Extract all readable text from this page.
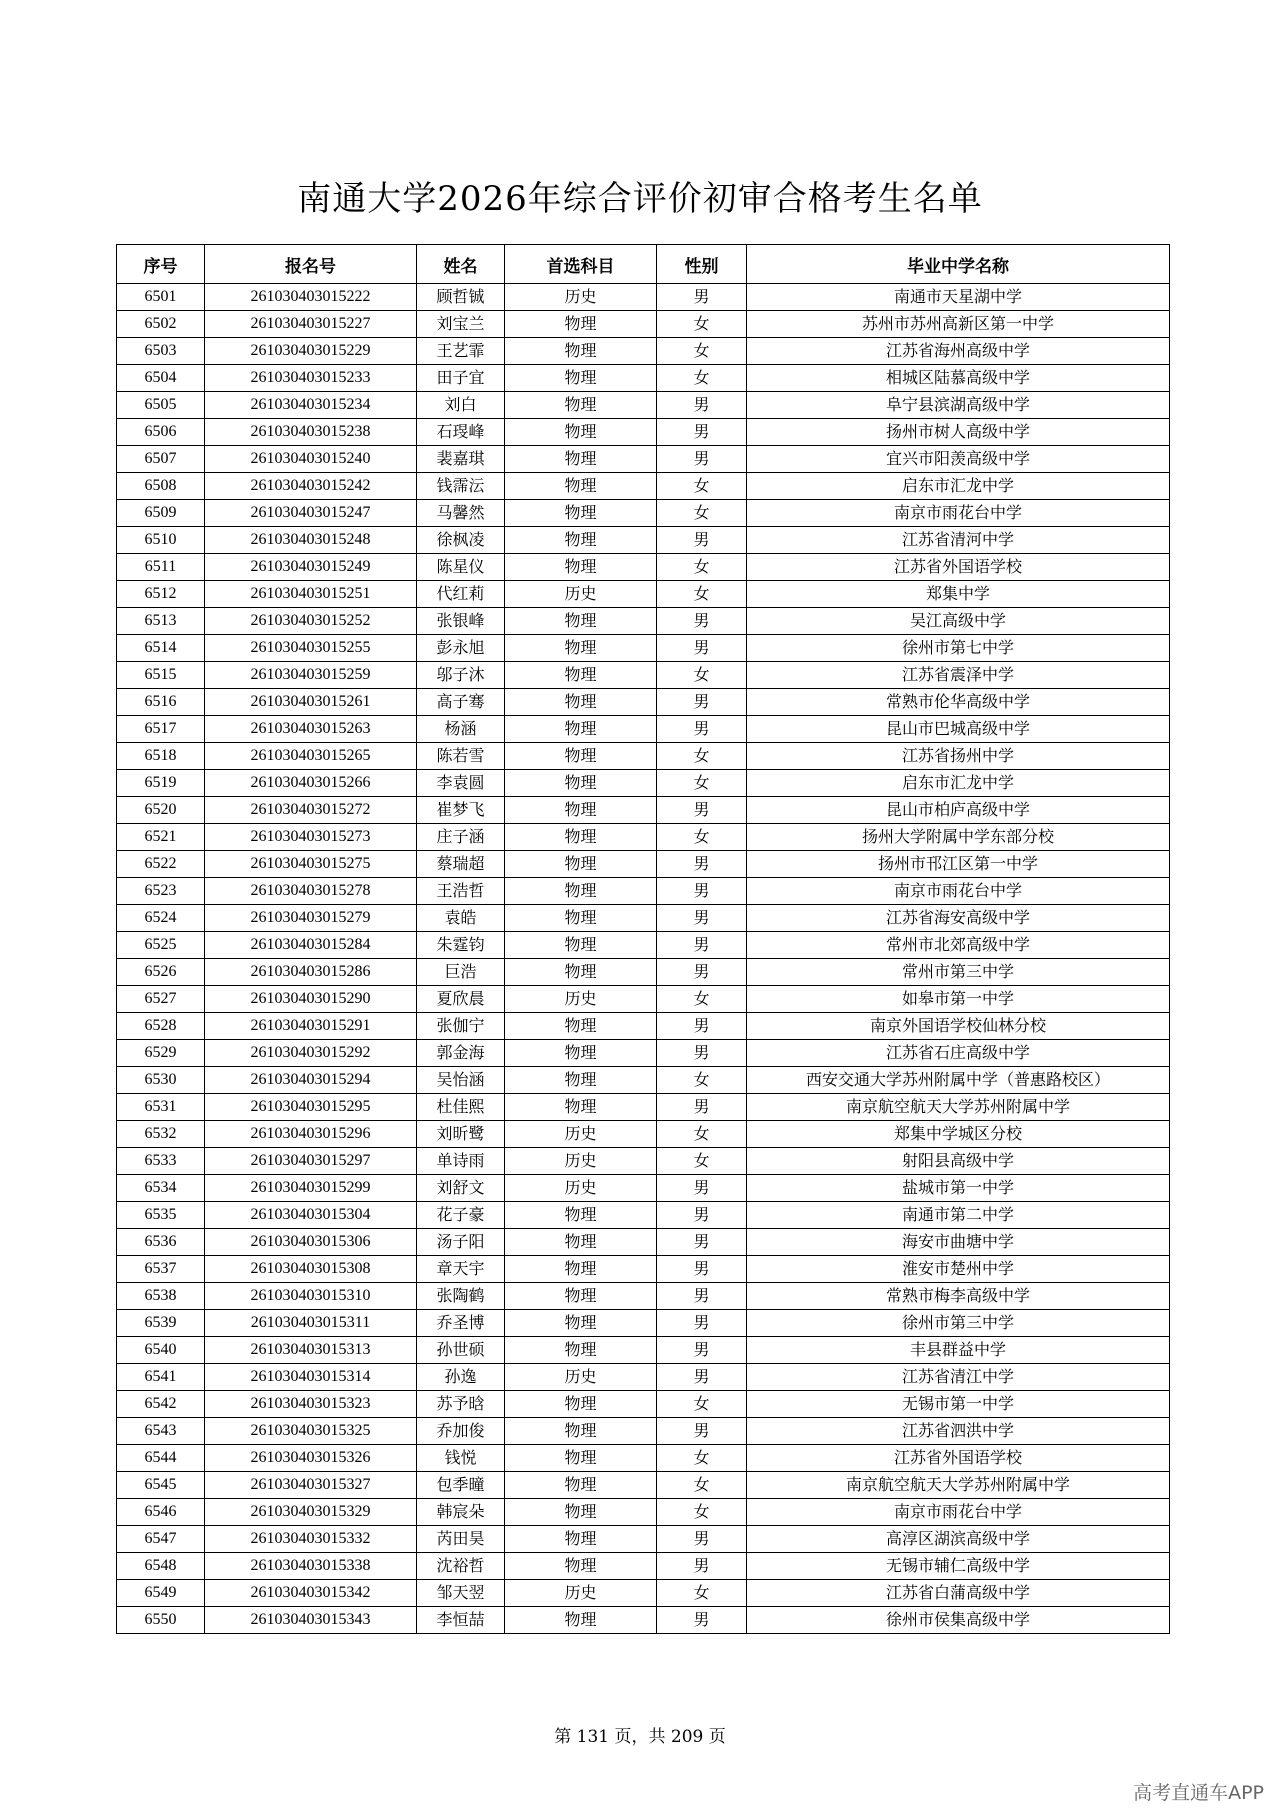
南通大学2026年综合评价初审合格考生名单
序号	报名号	姓名	首选科目	性别	毕业中学名称
6501	261030403015222	顾哲铖	历史	男	南通市天星湖中学
6502	261030403015227	刘宝兰	物理	女	苏州市苏州高新区第一中学
6503	261030403015229	王艺霏	物理	女	江苏省海州高级中学
6504	261030403015233	田子宜	物理	女	相城区陆慕高级中学
6505	261030403015234	刘白	物理	男	阜宁县滨湖高级中学
6506	261030403015238	石琝峰	物理	男	扬州市树人高级中学
6507	261030403015240	裴嘉琪	物理	男	宜兴市阳羡高级中学
6508	261030403015242	钱霈沄	物理	女	启东市汇龙中学
6509	261030403015247	马馨然	物理	女	南京市雨花台中学
6510	261030403015248	徐枫凌	物理	男	江苏省清河中学
6511	261030403015249	陈星仪	物理	女	江苏省外国语学校
6512	261030403015251	代红莉	历史	女	郑集中学
6513	261030403015252	张银峰	物理	男	吴江高级中学
6514	261030403015255	彭永旭	物理	男	徐州市第七中学
6515	261030403015259	邬子沐	物理	女	江苏省震泽中学
6516	261030403015261	高子骞	物理	男	常熟市伦华高级中学
6517	261030403015263	杨涵	物理	男	昆山市巴城高级中学
6518	261030403015265	陈若雪	物理	女	江苏省扬州中学
6519	261030403015266	李袁圆	物理	女	启东市汇龙中学
6520	261030403015272	崔梦飞	物理	男	昆山市柏庐高级中学
6521	261030403015273	庄子涵	物理	女	扬州大学附属中学东部分校
6522	261030403015275	蔡瑞超	物理	男	扬州市邗江区第一中学
6523	261030403015278	王浩哲	物理	男	南京市雨花台中学
6524	261030403015279	袁皓	物理	男	江苏省海安高级中学
6525	261030403015284	朱霆钧	物理	男	常州市北郊高级中学
6526	261030403015286	巨浩	物理	男	常州市第三中学
6527	261030403015290	夏欣晨	历史	女	如皋市第一中学
6528	261030403015291	张伽宁	物理	男	南京外国语学校仙林分校
6529	261030403015292	郭金海	物理	男	江苏省石庄高级中学
6530	261030403015294	吴怡涵	物理	女	西安交通大学苏州附属中学（普惠路校区）
6531	261030403015295	杜佳熙	物理	男	南京航空航天大学苏州附属中学
6532	261030403015296	刘昕鹭	历史	女	郑集中学城区分校
6533	261030403015297	单诗雨	历史	女	射阳县高级中学
6534	261030403015299	刘舒文	历史	男	盐城市第一中学
6535	261030403015304	花子豪	物理	男	南通市第二中学
6536	261030403015306	汤子阳	物理	男	海安市曲塘中学
6537	261030403015308	章天宇	物理	男	淮安市楚州中学
6538	261030403015310	张陶鹤	物理	男	常熟市梅李高级中学
6539	261030403015311	乔圣博	物理	男	徐州市第三中学
6540	261030403015313	孙世硕	物理	男	丰县群益中学
6541	261030403015314	孙逸	历史	男	江苏省清江中学
6542	261030403015323	苏予晗	物理	女	无锡市第一中学
6543	261030403015325	乔加俊	物理	男	江苏省泗洪中学
6544	261030403015326	钱悦	物理	女	江苏省外国语学校
6545	261030403015327	包季曈	物理	女	南京航空航天大学苏州附属中学
6546	261030403015329	韩宸朵	物理	女	南京市雨花台中学
6547	261030403015332	芮田昊	物理	男	高淳区湖滨高级中学
6548	261030403015338	沈裕哲	物理	男	无锡市辅仁高级中学
6549	261030403015342	邹天翌	历史	女	江苏省白蒲高级中学
6550	261030403015343	李恒喆	物理	男	徐州市侯集高级中学
第 131 页，共 209 页
高考直通车APP
